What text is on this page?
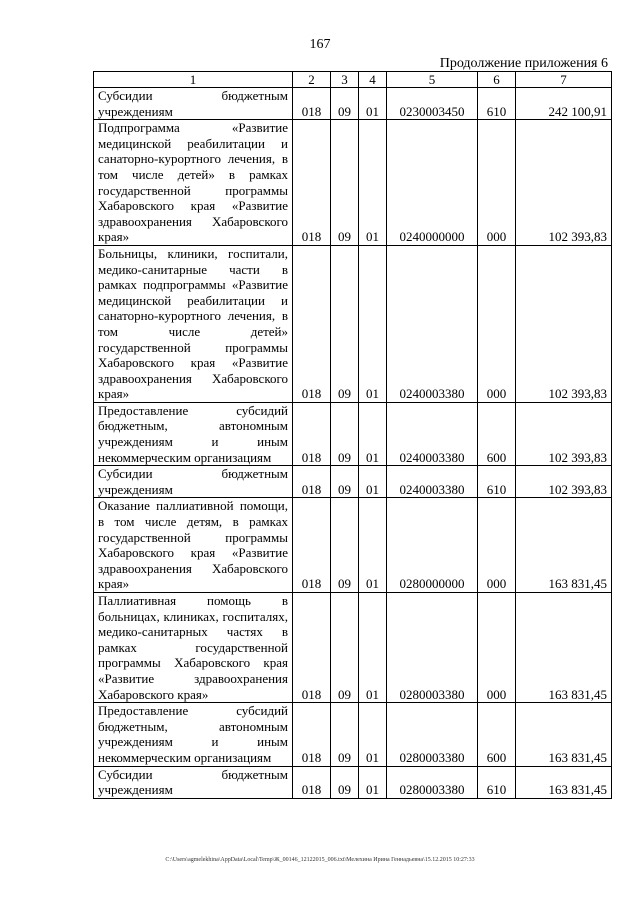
167
Продолжение приложения 6
1	2	3	4	5	6	7
Субсидии бюджетным учреждениям	018	09	01	0230003450	610	242 100,91
Подпрограмма «Развитие медицинской реабилитации и санаторно-курортного лечения, в том числе детей» в рамках государственной программы Хабаровского края «Развитие здравоохранения Хабаровского края»	018	09	01	0240000000	000	102 393,83
Больницы, клиники, госпитали, медико-санитарные части в рамках подпрограммы «Развитие медицинской реабилитации и санаторно-курортного лечения, в том числе детей» государственной программы Хабаровского края «Развитие здравоохранения Хабаровского края»	018	09	01	0240003380	000	102 393,83
Предоставление субсидий бюджетным, автономным учреждениям и иным некоммерческим организациям	018	09	01	0240003380	600	102 393,83
Субсидии бюджетным учреждениям	018	09	01	0240003380	610	102 393,83
Оказание паллиативной помощи, в том числе детям, в рамках государственной программы Хабаровского края «Развитие здравоохранения Хабаровского края»	018	09	01	0280000000	000	163 831,45
Паллиативная помощь в больницах, клиниках, госпиталях, медико-санитарных частях в рамках государственной программы Хабаровского края «Развитие здравоохранения Хабаровского края»	018	09	01	0280003380	000	163 831,45
Предоставление субсидий бюджетным, автономным учреждениям и иным некоммерческим организациям	018	09	01	0280003380	600	163 831,45
Субсидии бюджетным учреждениям	018	09	01	0280003380	610	163 831,45
C:\Users\agmelekhina\AppData\Local\Temp\Ж_00146_12122015_006.txt\Мелехина Ирина Геннадьевна\15.12.2015 10:27:33
